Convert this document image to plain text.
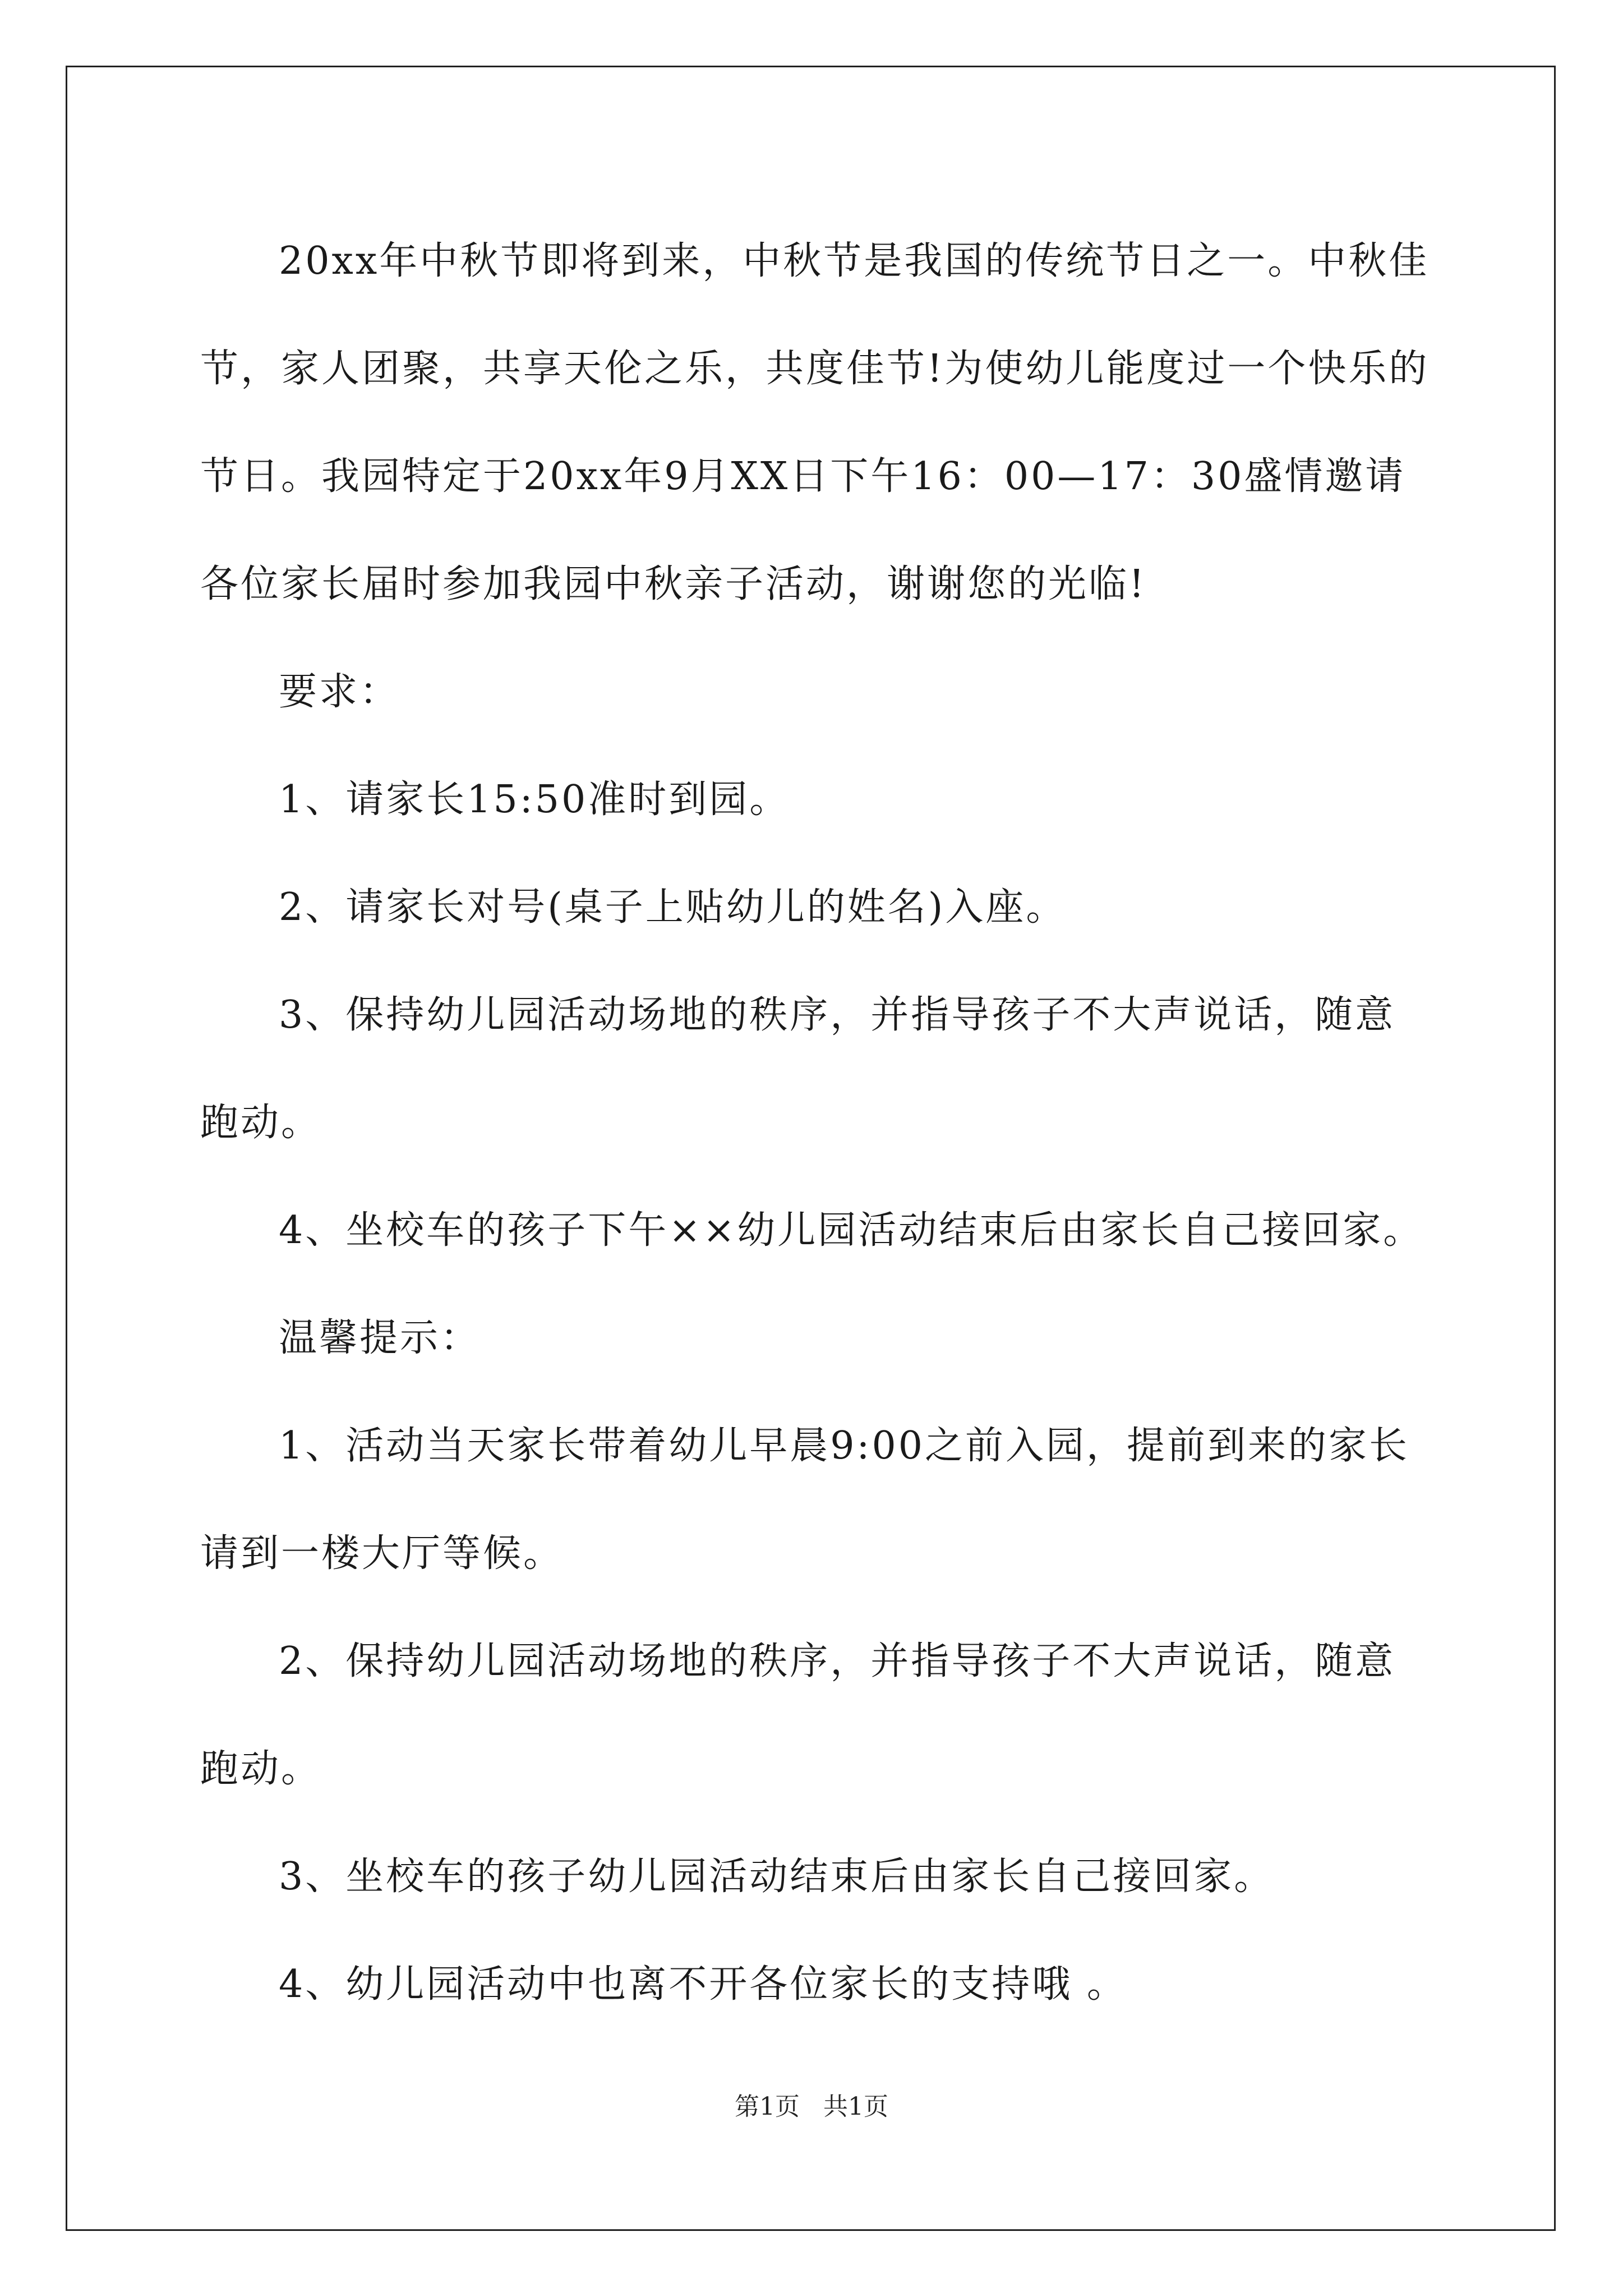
20xx年中秋节即将到来，中秋节是我国的传统节日之一。中秋佳节，家人团聚，共享天伦之乐，共度佳节!为使幼儿能度过一个快乐的节日。我园特定于20xx年9月XX日下午16：00—17：30盛情邀请各位家长届时参加我园中秋亲子活动，谢谢您的光临!

要求：

1、请家长15:50准时到园。

2、请家长对号(桌子上贴幼儿的姓名)入座。

3、保持幼儿园活动场地的秩序，并指导孩子不大声说话，随意跑动。

4、坐校车的孩子下午××幼儿园活动结束后由家长自己接回家。

温馨提示：

1、活动当天家长带着幼儿早晨9:00之前入园，提前到来的家长请到一楼大厅等候。

2、保持幼儿园活动场地的秩序，并指导孩子不大声说话，随意跑动。

3、坐校车的孩子幼儿园活动结束后由家长自己接回家。

4、幼儿园活动中也离不开各位家长的支持哦 。

第1页 共1页
